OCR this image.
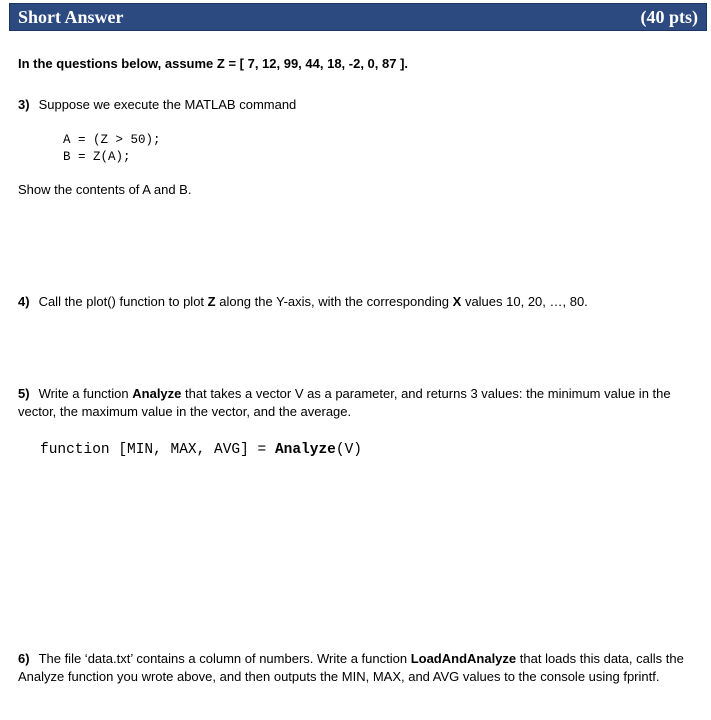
Short Answer	(40 pts)
In the questions below, assume Z = [ 7, 12, 99, 44, 18, -2, 0, 87 ].
3) Suppose we execute the MATLAB command
A = (Z > 50);
B = Z(A);
Show the contents of A and B.
4) Call the plot() function to plot Z along the Y-axis, with the corresponding X values 10, 20, …, 80.
5) Write a function Analyze that takes a vector V as a parameter, and returns 3 values: the minimum value in the vector, the maximum value in the vector, and the average.
function [MIN, MAX, AVG] = Analyze(V)
6) The file ‘data.txt’ contains a column of numbers. Write a function LoadAndAnalyze that loads this data, calls the Analyze function you wrote above, and then outputs the MIN, MAX, and AVG values to the console using fprintf.
